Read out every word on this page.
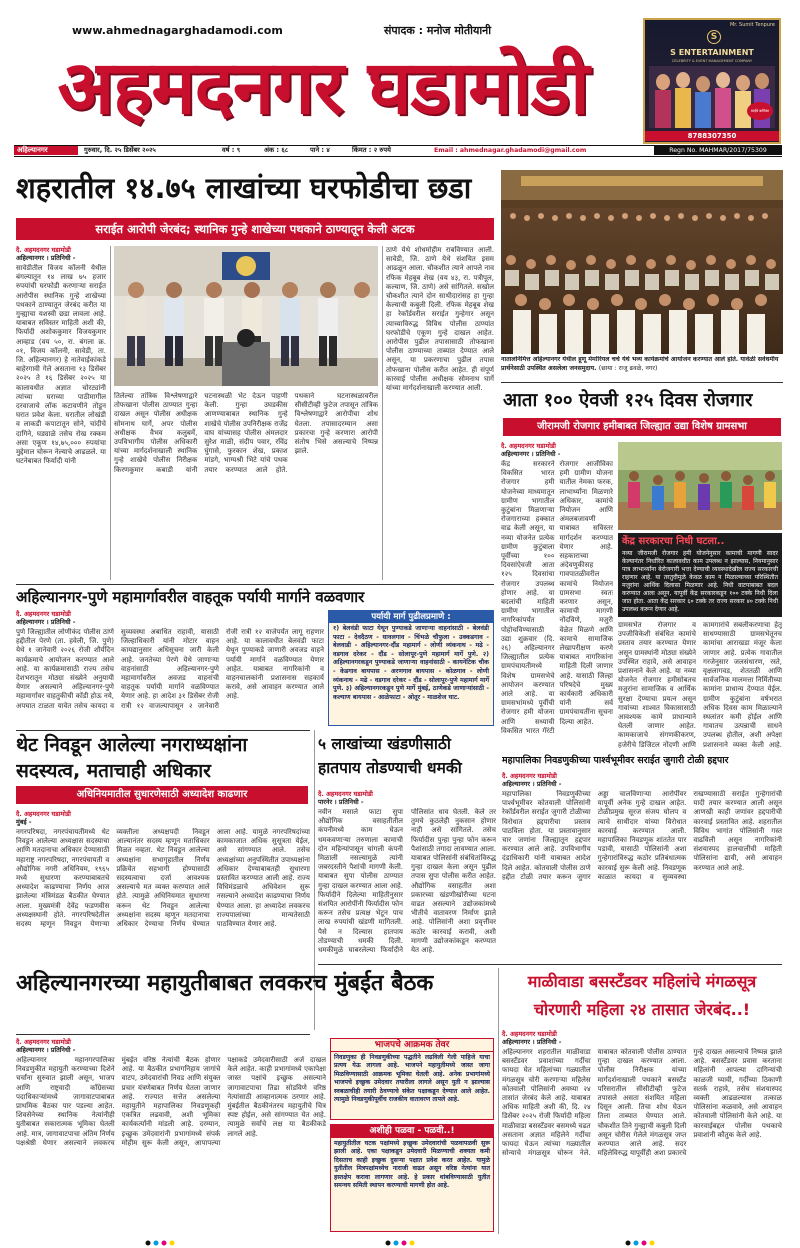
www.ahmednagarghadamodi.com	संपादक : मनोज मोतीयानी
अहमदनगर घडामोडी
Mr. Sumit Tenpure
S
S ENTERTAINMENT
CELEBRITY & EVENT MANAGEMENT COMPANY
साईचे बालिका
8788307350
अहिल्यानगर	गुरुवार, दि. २५ डिसेंबर २०२५	वर्ष : ९	अंक : ६८	पाने : ४	किंमत : २ रुपये	Email : ahmednagar.ghadamodi@gmail.com	Regn No. MAHMAR/2017/75309
शहरातील १४.७५ लाखांच्या घरफोडीचा छडा
सराईत आरोपी जेरबंद; स्थानिक गुन्हे शाखेच्या पथकाने ठाण्यातून केली अटक
दै. अहमदनगर घडामोडी
अहिल्यानगर । प्रतिनिधी -
सावेडीतील विजय कॉलनी येथील बंगल्यातून १४ लाख ७५ हजार रुपयांची घरफोडी करणाऱ्या सराईत आरोपीस स्थानिक गुन्हे शाखेच्या पथकाने ठाण्यातून जेरबंद करीत या गुन्ह्याचा यशस्वी छडा लावला आहे. याबाबत सविस्तर माहिती अशी की, फिर्यादी अशोककुमार विजयकुमार आव्हाड (वय ५०, रा. बंगला क्र. ०१, विजय कॉलनी, सावेडी, ता. जि. अहिल्यानगर) हे नातेवाईकांकडे बाहेरगावी गेले असताना १३ डिसेंबर २०२५ ते १६ डिसेंबर २०२५ या कालावधीत अज्ञात चोरट्यांनी त्यांच्या घराच्या पाठीमागील दरवाजाचे लॉक कटावणीने तोडून घरात प्रवेश केला. घरातील लोखंडी व लाकडी कपाटातून सोने, चांदीचे दागिने, घड्याळे तसेच रोख रक्कम असा एकूण १४,७५,००० रुपयांचा मुद्देमाल चोरून नेल्याचे आढळले. या घटनेबाबत फिर्यादी यांनी
तिलेल्या तांत्रिक विश्लेषणाद्वारे तोफखाना पोलीस ठाण्यात गुन्हा दाखल असून पोलीस अधीक्षक सोमनाथ घार्गे, अपर पोलीस अधीक्षक वैभव कलुबर्मे, उपविभागीय पोलीस अधिकारी यांच्या मार्गदर्शनाखाली स्थानिक गुन्हे शाखेचे पोलीस निरीक्षक किरणकुमार कबाडी यांनी घटनास्थळी भेट देऊन पाहणी केली. गुन्हा उघडकीस आणण्याबाबत स्थानिक गुन्हे शाखेचे पोलीस उपनिरीक्षक राजेंद्र वाघ यांच्यासह पोलीस अंमलदार सुरेश माळी, संदीप पवार, रविंद्र घुंगासे, फुरकान शेख, प्रकाश मांडगे, भाग्यश्री भिटे यांचे पथक तयार करण्यात आले होते. पथकाने घटनास्थळावरील सीसीटीव्ही फुटेज तपासून तांत्रिक विश्लेषणाद्वारे आरोपीचा शोध घेतला. तपासादरम्यान असा प्रकारचा गुन्हे करणारा आरोपी संतोष भिसे असल्याचे निष्पन्न झाले.
ठाणे येथे शोधमोहीम राबविण्यात आली. सावेडी, जि. ठाणे येथे संशयित इसम आढळून आला. चौकशीत त्याने आपले नाव रफिक मेहबूब शेख (वय ४३, रा. पत्रीपूल, कल्याण, जि. ठाणे) असे सांगितले. सखोल चौकशीत त्याने दोन साथीदारांसह हा गुन्हा केल्याची कबुली दिली. रफिक मेहबूब शेख हा रेकॉर्डवरील सराईत गुन्हेगार असून त्याच्याविरुद्ध विविध पोलीस ठाण्यांत घरफोडीचे एकूण गुन्हे दाखल आहेत. आरोपीस पुढील तपासासाठी तोफखाना पोलीस ठाण्याच्या ताब्यात देण्यात आले असून, या प्रकरणाचा पुढील तपास तोफखाना पोलीस करीत आहेत. ही संपूर्ण कारवाई पोलीस अधीक्षक सोमनाथ घार्गे यांच्या मार्गदर्शनाखाली करण्यात आली.
नातालनिमित्त अहिल्यानगर येथील हूणू मेमोरियल चर्च येथे भव्य कार्यक्रमांचे आयोजन करण्यात आले होते. यावेळी सर्वधर्मीय प्रार्थनेसाठी उपस्थित असलेला जनसमुदाय. (छाया : राजू ढवळे, नगर)
आता १०० ऐवजी १२५ दिवस रोजगार
जीरामजी रोजगार हमीबाबत जिल्ह्यात उद्या विशेष ग्रामसभा
दै. अहमदनगर घडामोडी
अहिल्यानगर । प्रतिनिधी -
केंद्र सरकारने विकसित भारत रोजगार हमी योजनेच्या माध्यमातून ग्रामीण भागातील कुटुंबांना मिळणाऱ्या रोजगाराच्या हक्कात वाढ केली असून, या नव्या योजनेत प्रत्येक ग्रामीण कुटुंबाला पूर्वीच्या १०० दिवसांऐवजी आता १२५ दिवसांचा रोजगार उपलब्ध होणार आहे. या बदलांची माहिती ग्रामीण भागातील नागरिकांपर्यंत पोहोचविण्यासाठी उद्या शुक्रवार (दि. २६) अहिल्यानगर जिल्ह्यातील प्रत्येक ग्रामपंचायतीमध्ये विशेष ग्रामसभेचे आयोजन करण्यात आले आहे. या ग्रामसभांमध्ये पूर्वीची रोजगार हमी योजना आणि सध्याची विकसित भारत गॅरंटी रोजगार आजीविका हमी ग्रामीण योजना यातील नेमका फरक, लाभार्थ्यांना मिळणारे अधिकार, कामांचे नियोजन आणि अंमलबजावणी याबाबत सविस्तर मार्गदर्शन करण्यात येणार आहे. सहकाराच्या अंदेवणुकीसह गावपातळीवरील कामांचे नियोजन ग्रामसभा स्वतः करणार असून, कामाची मागणी नोंदविणे, मजुरी वेळेत मिळणे आणि कामाचे सामाजिक लेखापरीक्षण करणे याबाबत नागरिकांना माहिती दिली जाणार आहे. यासाठी जिल्हा परिषदेचे मुख्य कार्यकारी अधिकारी यांनी सर्व ग्रामपंचायतींना सूचना दिल्या आहेत.
केंद्र सरकारचा निधी घटला..
नव्या जीरामजी रोजगार हमी योजनेनुसार कामाची मागणी सादर केल्यानंतर निर्धारित कालावधीत काम उपलब्ध न झाल्यास, नियमानुसार पात्र लाभार्थ्यांना बेरोजगारी भत्ता देण्याची व्यवस्थादेखील राज्य सरकारची राहणार आहे. या तरतुदीमुळे केवळ काम न मिळाल्याच्या परिस्थितीत मजुरांना आर्थिक दिलासा मिळणार आहे. निधी वाटपाबाबत बदल करण्यात आला असून, यापूर्वी केंद्र सरकारकडून १०० टक्के निधी दिला जात होता. आता केंद्र सरकार ६० टक्के तर राज्य सरकार ४० टक्के निधी उपलब्ध करून देणार आहे.
ग्रामसभेत रोजगार व उपजीविकेशी संबंधित कामांचे प्रस्ताव तयार करण्यात येणार असून ग्रामस्थांनी मोठ्या संख्येने उपस्थित राहावे, असे आवाहन प्रशासनाने केले आहे. या नव्या योजनेत रोजगार हमीसोबतच मजुरांना सामाजिक व आर्थिक सुरक्षा देण्याचा प्रयत्न असून गावांच्या शाश्वत विकासासाठी आवश्यक कामे प्राधान्याने घेतली जाणार आहेत. कामकाजाचे संगणकीकरण, हजेरीचे डिजिटल नोंदणी आणि
कामगारांचे सबलीकरणाचा हेतू साधण्यासाठी ग्रामसभेतूनच कामांचा आराखडा मंजूर केला जाणार आहे. प्रत्येक गावातील गरजेनुसार जलसंधारण, रस्ते, वृक्षलागवड, शेततळी आणि सार्वजनिक मालमत्ता निर्मितीच्या कामांना प्राधान्य देण्यात येईल. ग्रामीण कुटुंबांना वर्षभरात अधिक दिवस काम मिळाल्याने स्थलांतर कमी होईल आणि गावातच उत्पन्नाची साधने उपलब्ध होतील, अशी अपेक्षा प्रशासनाने व्यक्त केली आहे.
अहिल्यानगर-पुणे महामार्गावरील वाहतूक पर्यायी मार्गाने वळवणार
दै. अहमदनगर घडामोडी
अहिल्यानगर । प्रतिनिधी -
पुणे जिल्ह्यातील लोणीकंद पोलीस ठाणे हद्दीतील पेरणे (ता. हवेली, जि. पुणे) येथे १ जानेवारी २०२६ रोजी शौर्यदिन कार्यक्रमाचे आयोजन करण्यात आले आहे. या कार्यक्रमासाठी राज्य तसेच देशभरातून मोठ्या संख्येने अनुयायी येणार असल्याने अहिल्यानगर-पुणे महामार्गावर वाहतुकीची कोंडी होऊ नये, अपघात टाळता यावेत तसेच कायदा व सुव्यवस्था अबाधित राहावी, यासाठी जिल्हाधिकारी यांनी मोटार वाहन कायद्यानुसार अधिसूचना जारी केली आहे. जनतेच्या पेरणे येथे जाणाऱ्या वाहनांसाठी अहिल्यानगर-पुणे महामार्गावरील अवजड वाहनांची वाहतूक पर्यायी मार्गाने वळविण्यात येणार आहे. हा आदेश ३१ डिसेंबर रोजी रात्री १२ वाजल्यापासून २ जानेवारी रोजी रात्री १२ वाजेपर्यंत लागू राहणार आहे. या कालावधीत बेलवंडी फाटा येथून पुण्याकडे जाणारी अवजड वाहने पर्यायी मार्गाने वळविण्यात येणार आहेत. याबाबत नागरिकांनी व वाहनचालकांनी प्रशासनास सहकार्य करावे, असे आवाहन करण्यात आले आहे.
पर्यायी मार्ग पुढीलप्रमाणे :
१) बेलवंडी फाटा येथून पुण्याकडे जाणाऱ्या वाहनांसाठी - बेलवंडी फाटा - देवदैठण - धावलगाव - चिंभळे चौफुला - उक्कडगाव - बेलवाडी - अहिल्यानगर-दौंड महामार्ग - लोणी व्यंकनाथ - मढे - वडगाव दरेकर - दौंड - सोलापूर-पुणे महामार्ग मार्गे पुणे. २) अहिल्यानगरकडून पुण्याकडे जाणाऱ्या वाहनांसाठी - कायनेटिक चौक - केडगाव बायपास - अरणगाव बायपास - कोळगाव - लोणी व्यंकनाथ - मढे - वडगाव दरेकर - दौंड - सोलापूर-पुणे महामार्ग मार्गे पुणे. ३) अहिल्यानगरकडून पुणे मार्गे मुंबई, ठाणेकडे जाणाऱ्यांसाठी - कल्याण बायपास - आळेफाटा - ओतूर - माळशेज घाट.
थेट निवडून आलेल्या नगराध्यक्षांना सदस्यत्व, मताचाही अधिकार
अधिनियमातील सुधारणेसाठी अध्यादेश काढणार
दै. अहमदनगर घडामोडी
मुंबई -
नगरपरिषदा, नगरपंचायतींमध्ये थेट निवडून आलेल्या अध्यक्षास सदस्याचा आणि मतदानाचा अधिकार देण्यासाठी महाराष्ट्र नगरपरिषदा, नगरपंचायती व औद्योगिक नगरी अधिनियम, १९६५ मध्ये सुधारणा करण्याबाबतचे अध्यादेश काढण्याचा निर्णय आज झालेल्या मंत्रिमंडळ बैठकीत घेण्यात आला. मुख्यमंत्री देवेंद्र फडणवीस अध्यक्षस्थानी होते. नगरपरिषदेतील सदस्य म्हणून निवडून येणाऱ्या व्यक्तीला अध्यक्षपदी निवडून आल्यानंतर सदस्य म्हणून मताधिकार मिळत नव्हता. थेट निवडून आलेल्या अध्यक्षांना सभागृहातील निर्णय प्रक्रियेत सहभागी होण्यासाठी सदस्यत्वाचा दर्जा आवश्यक असल्याचे मत व्यक्त करण्यात आले होते. त्यामुळे अधिनियमात सुधारणा करून थेट निवडून आलेल्या अध्यक्षांना सदस्य म्हणून मतदानाचा अधिकार देण्याचा निर्णय घेण्यात आला आहे. यामुळे नगरपरिषदांच्या कामकाजात अधिक सुसूत्रता येईल, असे सांगण्यात आले. तसेच अध्यक्षांच्या अनुपस्थितीत उपाध्यक्षांना अधिकार देण्याबाबतही सुधारणा प्रस्तावित करण्यात आली आहे. राज्य विधिमंडळाचे अधिवेशन सुरू नसल्याने अध्यादेश काढण्याचा निर्णय घेण्यात आला. हा अध्यादेश लवकरच राज्यपालांच्या मान्यतेसाठी पाठविण्यात येणार आहे.
५ लाखांच्या खंडणीसाठी हातपाय तोडण्याची धमकी
दै. अहमदनगर घडामोडी
पारनेर । प्रतिनिधी -
नवीन मसाले फाटा सुपा औद्योगिक वसाहतीतील कंपनीमध्ये काम घेऊन धमकवणाऱ्या तरुणाला कामाची दोन महिन्यांपासून चांगली कंपनी मिळाली नसल्यामुळे त्यांनी जबरदस्तीने पैशांची मागणी केली. याबाबत सुपा पोलीस ठाण्यात गुन्हा दाखल करण्यात आला आहे. फिर्यादीने दिलेल्या माहितीनुसार संशयित आरोपींनी फिर्यादीस फोन करून तसेच प्रत्यक्ष भेटून पाच लाख रुपयांची खंडणी मागितली. पैसे न दिल्यास हातपाय तोडण्याची धमकी दिली. धमकीमुळे घाबरलेल्या फिर्यादीने पोलिसांत धाव घेतली. केले तर तुमचे कुठलेही नुकसान होणार नाही असे सांगितले. तसेच फिर्यादीस पुन्हा पुन्हा फोन करून पैशांसाठी तगादा लावण्यात आला. याबाबत पोलिसांनी संबंधितांविरुद्ध गुन्हा दाखल केला असून पुढील तपास सुपा पोलीस करीत आहेत. औद्योगिक वसाहतीत अशा प्रकारच्या खंडणीखोरीच्या घटना वाढत असल्याने उद्योजकांमध्ये भीतीचे वातावरण निर्माण झाले आहे. पोलिसांनी अशा प्रवृत्तींवर कठोर कारवाई करावी, अशी मागणी उद्योजकांकडून करण्यात येत आहे.
महापालिका निवडणुकीच्या पार्श्वभूमीवर सराईत जुगारी टोळी हद्दपार
दै. अहमदनगर घडामोडी
अहिल्यानगर । प्रतिनिधी -
महापालिका निवडणुकीच्या पार्श्वभूमीवर कोतवाली पोलिसांनी रेकॉर्डवरील सराईत जुगारी टोळीच्या विरोधात हद्दपारीचा प्रस्ताव पाठविला होता. या प्रस्तावानुसार चार जणांना जिल्ह्यातून हद्दपार करण्यात आले आहे. उपविभागीय दंडाधिकारी यांनी याबाबत आदेश दिले आहेत. कोतवाली पोलीस ठाणे हद्दीत टोळी तयार करून जुगार अड्डा चालविणाऱ्या आरोपींवर यापूर्वी अनेक गुन्हे दाखल आहेत. टोळीप्रमुख सूरज संजय घोलप व त्याचे साथीदार यांच्या विरोधात कारवाई करण्यात आली. महापालिका निवडणूक शांततेत पार पडावी, यासाठी पोलिसांनी अशा गुन्हेगारांविरुद्ध कठोर प्रतिबंधात्मक कारवाई सुरू केली आहे. निवडणूक काळात कायदा व सुव्यवस्था राखण्यासाठी सराईत गुन्हेगारांची यादी तयार करण्यात आली असून आणखी काही जणांवर हद्दपारीची कारवाई प्रस्तावित आहे. शहरातील विविध भागांत पोलिसांनी गस्त वाढविली असून नागरिकांनी संशयास्पद हालचालींची माहिती पोलिसांना द्यावी, असे आवाहन करण्यात आले आहे.
अहिल्यानगरच्या महायुतीबाबत लवकरच मुंबईत बैठक
दै. अहमदनगर घडामोडी
अहिल्यानगर । प्रतिनिधी -
अहिल्यानगर महानगरपालिका निवडणुकीत महायुती करण्याच्या दिशेने चर्चांना सुरुवात झाली असून, भाजप आणि राष्ट्रवादी काँग्रेसच्या पदाधिकाऱ्यांमध्ये जागावाटपाबाबत प्राथमिक बैठका पार पडल्या आहेत. शिवसेनेच्या स्थानिक नेत्यांनीही युतीबाबत सकारात्मक भूमिका घेतली आहे. मात्र, जागावाटपाचा अंतिम निर्णय पक्षश्रेष्ठी घेणार असल्याने लवकरच मुंबईत वरिष्ठ नेत्यांची बैठक होणार आहे. या बैठकीत प्रभागनिहाय जागांचे वाटप, उमेदवारांची निवड आणि संयुक्त प्रचार यंत्रणेबाबत निर्णय घेतला जाणार आहे. राज्यात सत्तेत असलेल्या महायुतीने महापालिका निवडणूकही एकत्रित लढवावी, अशी भूमिका कार्यकर्त्यांनी मांडली आहे. दरम्यान, इच्छुक उमेदवारांनी प्रभागांमध्ये संपर्क मोहीम सुरू केली असून, आपापल्या पक्षाकडे उमेदवारीसाठी अर्ज दाखल केले आहेत. काही प्रभागांमध्ये एकापेक्षा जास्त पक्षांचे इच्छुक असल्याने जागावाटपाचा तिढा सोडविणे वरिष्ठ नेत्यांसाठी आव्हानात्मक ठरणार आहे. मुंबईतील बैठकीनंतरच महायुतीचे चित्र स्पष्ट होईल, असे सांगण्यात येत आहे. त्यामुळे सर्वांचे लक्ष या बैठकीकडे लागले आहे.
भाजपचे आक्रमक तेवर
निवडणुका ही निवडणुकीच्या पद्धतीने लढविली गेली पाहिजे याचा प्रत्यय येऊ लागला आहे. भाजपने महायुतीमध्ये जास्त जागा मिळविण्यासाठी आक्रमक भूमिका घेतली आहे. अनेक प्रभागांमध्ये भाजपचे इच्छुक उमेदवार तयारीला लागले असून युती न झाल्यास स्वबळाचीही तयारी ठेवण्याचे संकेत पक्षाकडून देण्यात आले आहेत. त्यामुळे निवडणुकीपूर्वीच राजकीय वातावरण तापले आहे.
अशीही पळवा - पळवी..!
महायुतीतील घटक पक्षांमध्ये इच्छुक उमेदवारांची पळवापळवी सुरू झाली आहे. एका पक्षाकडून उमेदवारी मिळण्याची शक्यता कमी दिसताच काही इच्छुक दुसऱ्या पक्षात प्रवेश करत आहेत. यामुळे युतीतील मित्रपक्षांमध्येच नाराजी वाढत असून वरिष्ठ नेत्यांना यात हस्तक्षेप करावा लागणार आहे. हे प्रकार थांबविण्यासाठी युतीत समन्वय समिती स्थापन करण्याची मागणी होत आहे.
माळीवाडा बसस्टँडवर महिलांचे मंगळसूत्र चोरणारी महिला २४ तासात जेरबंद..!
दै. अहमदनगर घडामोडी
अहिल्यानगर । प्रतिनिधी -
अहिल्यानगर शहरातील माळीवाडा बसस्टँडवर प्रवाशांच्या गर्दीचा फायदा घेत महिलांच्या गळ्यातील मंगळसूत्र चोरी करणाऱ्या महिलेस कोतवाली पोलिसांनी अवघ्या २४ तासांत जेरबंद केले आहे. याबाबत अधिक माहिती अशी की, दि. २४ डिसेंबर २०२५ रोजी फिर्यादी महिला माळीवाडा बसस्टँडवर बसमध्ये चढत असताना अज्ञात महिलेने गर्दीचा फायदा घेऊन त्यांच्या गळ्यातील सोन्याचे मंगळसूत्र चोरून नेले. याबाबत कोतवाली पोलीस ठाण्यात गुन्हा दाखल करण्यात आला. पोलीस निरीक्षक यांच्या मार्गदर्शनाखाली पथकाने बसस्टँड परिसरातील सीसीटीव्ही फुटेज तपासले असता संशयित महिला दिसून आली. तिचा शोध घेऊन तिला ताब्यात घेण्यात आले. चौकशीत तिने गुन्ह्याची कबुली दिली असून चोरीस गेलेले मंगळसूत्र जप्त करण्यात आले आहे. सदर महिलेविरुद्ध यापूर्वीही अशा प्रकारचे गुन्हे दाखल असल्याचे निष्पन्न झाले आहे. बसस्टँडवर प्रवास करताना महिलांनी आपल्या दागिन्यांची काळजी घ्यावी, गर्दीच्या ठिकाणी सतर्क राहावे, तसेच संशयास्पद व्यक्ती आढळल्यास तत्काळ पोलिसांना कळवावे, असे आवाहन कोतवाली पोलिसांनी केले आहे. या कारवाईबद्दल पोलीस पथकाचे प्रवाशांनी कौतुक केले आहे.
